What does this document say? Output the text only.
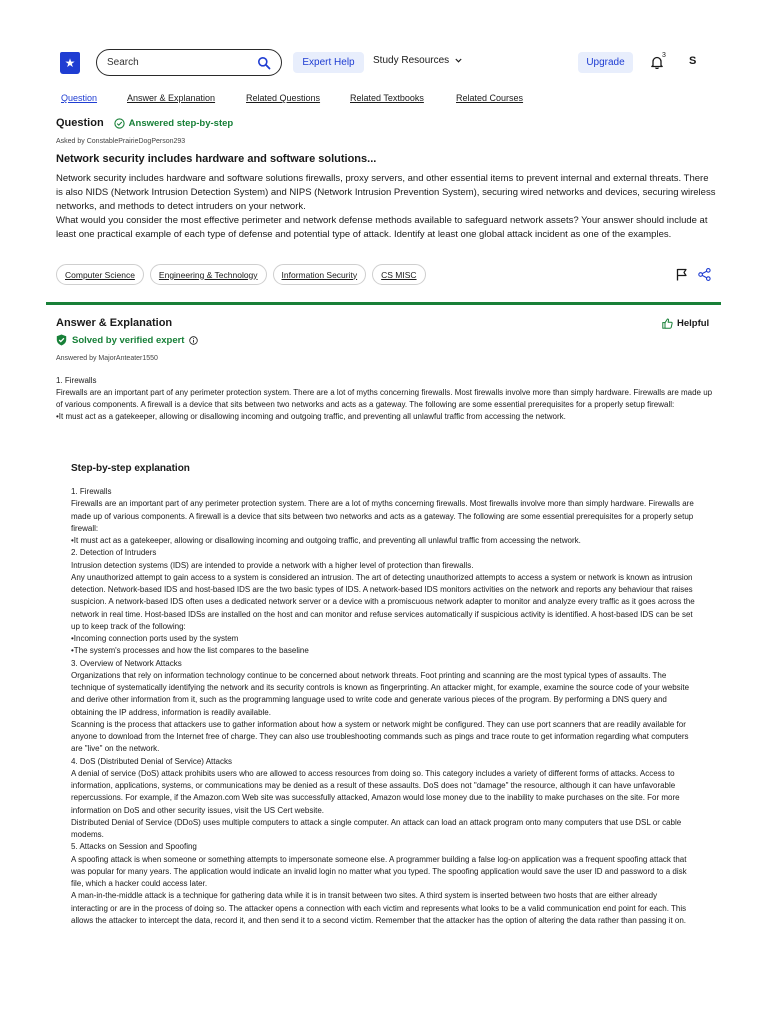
★	Search	Expert Help	Study Resources	Upgrade
3 S
Question	Answer & Explanation	Related Questions	Related Textbooks	Related Courses
Question	Answered step-by-step
Asked by ConstablePrairieDogPerson293
Network security includes hardware and software solutions...

Network security includes hardware and software solutions firewalls, proxy servers, and other essential items to prevent internal and external threats. There is also NIDS (Network Intrusion Detection System) and NIPS (Network Intrusion Prevention System), securing wired networks and devices, securing wireless networks, and methods to detect intruders on your network.

What would you consider the most effective perimeter and network defense methods available to safeguard network assets? Your answer should include at least one practical example of each type of defense and potential type of attack. Identify at least one global attack incident as one of the examples.

Computer Science	Engineering & Technology	Information Security	CS MISC
Answer & Explanation	Helpful
Solved by verified expert
Answered by MajorAnteater1550

1. Firewalls

Firewalls are an important part of any perimeter protection system. There are a lot of myths concerning firewalls. Most firewalls involve more than simply hardware. Firewalls are made up of various components. A firewall is a device that sits between two networks and acts as a gateway. The following are some essential prerequisites for a properly setup firewall:

•It must act as a gatekeeper, allowing or disallowing incoming and outgoing traffic, and preventing all unlawful traffic from accessing the network.

Step-by-step explanation

1. Firewalls

Firewalls are an important part of any perimeter protection system. There are a lot of myths concerning firewalls. Most firewalls involve more than simply hardware. Firewalls are made up of various components. A firewall is a device that sits between two networks and acts as a gateway. The following are some essential prerequisites for a properly setup firewall:

•It must act as a gatekeeper, allowing or disallowing incoming and outgoing traffic, and preventing all unlawful traffic from accessing the network.

2. Detection of Intruders

Intrusion detection systems (IDS) are intended to provide a network with a higher level of protection than firewalls.

Any unauthorized attempt to gain access to a system is considered an intrusion. The art of detecting unauthorized attempts to access a system or network is known as intrusion detection. Network-based IDS and host-based IDS are the two basic types of IDS. A network-based IDS monitors activities on the network and reports any behaviour that raises suspicion. A network-based IDS often uses a dedicated network server or a device with a promiscuous network adapter to monitor and analyze every traffic as it goes across the network in real time. Host-based IDSs are installed on the host and can monitor and refuse services automatically if suspicious activity is identified. A host-based IDS can be set up to keep track of the following:

•Incoming connection ports used by the system

•The system's processes and how the list compares to the baseline

3. Overview of Network Attacks

Organizations that rely on information technology continue to be concerned about network threats. Foot printing and scanning are the most typical types of assaults. The technique of systematically identifying the network and its security controls is known as fingerprinting. An attacker might, for example, examine the source code of your website and derive other information from it, such as the programming language used to write code and generate various pieces of the program. By performing a DNS query and obtaining the IP address, information is readily available.

Scanning is the process that attackers use to gather information about how a system or network might be configured. They can use port scanners that are readily available for anyone to download from the Internet free of charge. They can also use troubleshooting commands such as pings and trace route to get information regarding what computers are "live" on the network.

4. DoS (Distributed Denial of Service) Attacks

A denial of service (DoS) attack prohibits users who are allowed to access resources from doing so. This category includes a variety of different forms of attacks. Access to information, applications, systems, or communications may be denied as a result of these assaults. DoS does not "damage" the resource, although it can have unfavorable repercussions. For example, if the Amazon.com Web site was successfully attacked, Amazon would lose money due to the inability to make purchases on the site. For more information on DoS and other security issues, visit the US Cert website.

Distributed Denial of Service (DDoS) uses multiple computers to attack a single computer. An attack can load an attack program onto many computers that use DSL or cable modems.

5. Attacks on Session and Spoofing

A spoofing attack is when someone or something attempts to impersonate someone else. A programmer building a false log-on application was a frequent spoofing attack that was popular for many years. The application would indicate an invalid login no matter what you typed. The spoofing application would save the user ID and password to a disk file, which a hacker could access later.

A man-in-the-middle attack is a technique for gathering data while it is in transit between two sites. A third system is inserted between two hosts that are either already interacting or are in the process of doing so. The attacker opens a connection with each victim and represents what looks to be a valid communication end point for each. This allows the attacker to intercept the data, record it, and then send it to a second victim. Remember that the attacker has the option of altering the data rather than passing it on.
